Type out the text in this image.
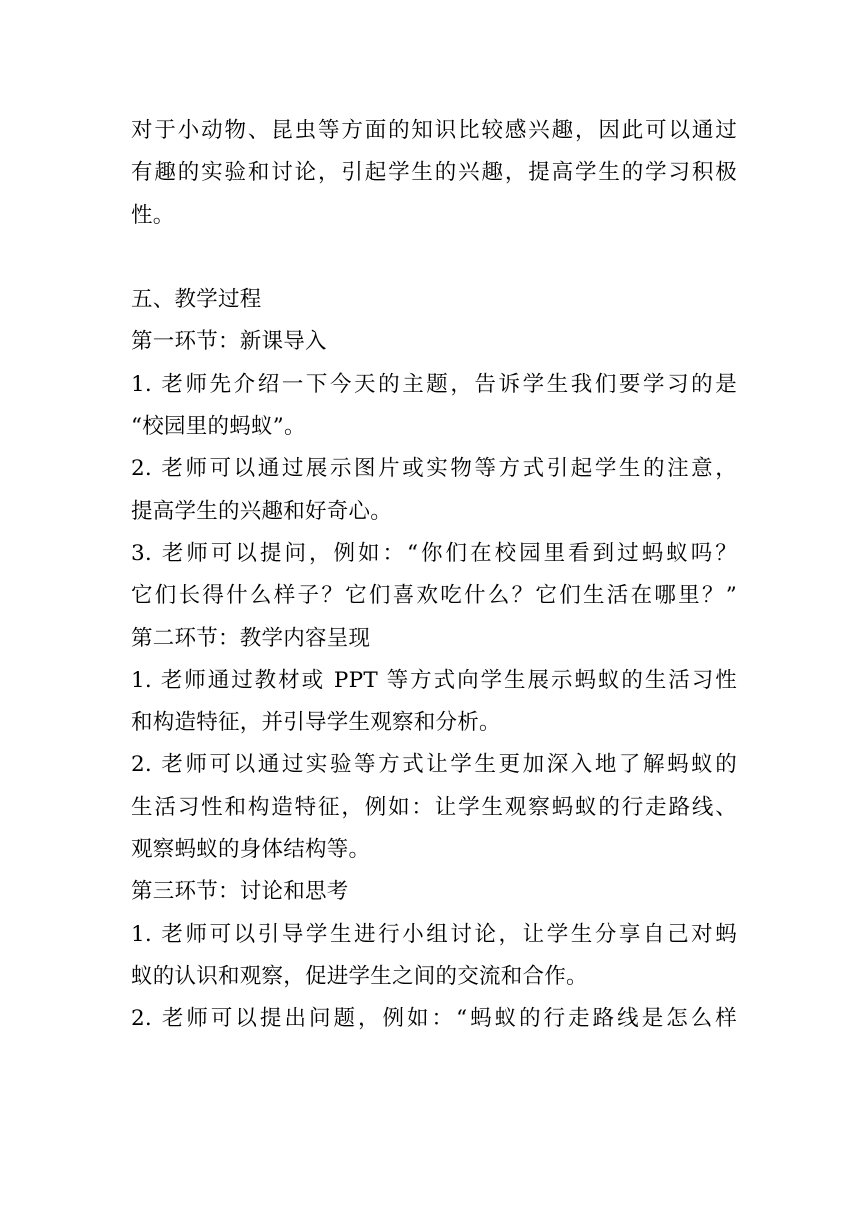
对于小动物、昆虫等方面的知识比较感兴趣，因此可以通过
有趣的实验和讨论，引起学生的兴趣，提高学生的学习积极
性。
五、教学过程
第一环节：新课导入
1. 老师先介绍一下今天的主题，告诉学生我们要学习的是
“校园里的蚂蚁”。
2. 老师可以通过展示图片或实物等方式引起学生的注意，
提高学生的兴趣和好奇心。
3. 老师可以提问，例如：“你们在校园里看到过蚂蚁吗？
它们长得什么样子？它们喜欢吃什么？它们生活在哪里？”
第二环节：教学内容呈现
1. 老师通过教材或 PPT 等方式向学生展示蚂蚁的生活习性
和构造特征，并引导学生观察和分析。
2. 老师可以通过实验等方式让学生更加深入地了解蚂蚁的
生活习性和构造特征，例如：让学生观察蚂蚁的行走路线、
观察蚂蚁的身体结构等。
第三环节：讨论和思考
1. 老师可以引导学生进行小组讨论，让学生分享自己对蚂
蚁的认识和观察，促进学生之间的交流和合作。
2. 老师可以提出问题，例如：“蚂蚁的行走路线是怎么样
